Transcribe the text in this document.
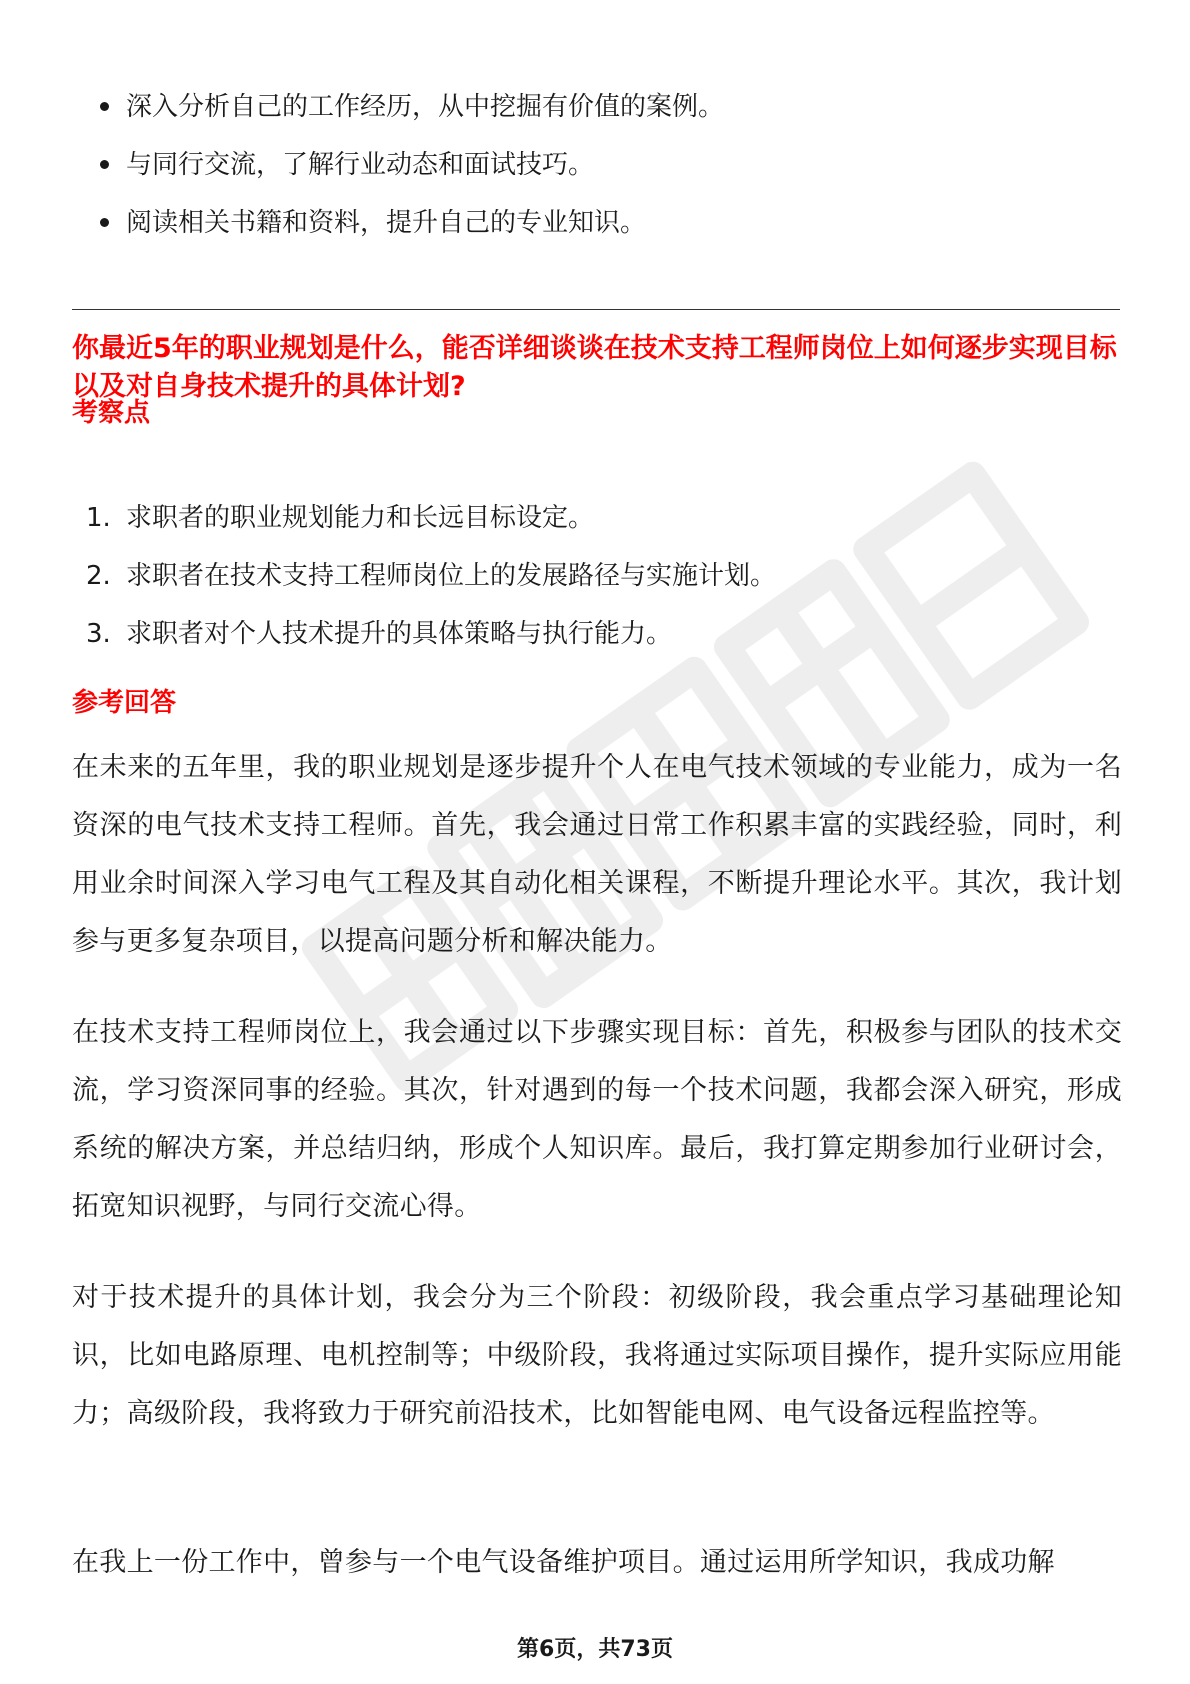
深入分析自己的工作经历，从中挖掘有价值的案例。
与同行交流，了解行业动态和面试技巧。
阅读相关书籍和资料，提升自己的专业知识。

你最近5年的职业规划是什么，能否详细谈谈在技术支持工程师岗位上如何逐步实现目标以及对自身技术提升的具体计划?

考察点

1. 求职者的职业规划能力和长远目标设定。
2. 求职者在技术支持工程师岗位上的发展路径与实施计划。
3. 求职者对个人技术提升的具体策略与执行能力。

参考回答

在未来的五年里，我的职业规划是逐步提升个人在电气技术领域的专业能力，成为一名资深的电气技术支持工程师。首先，我会通过日常工作积累丰富的实践经验，同时，利用业余时间深入学习电气工程及其自动化相关课程，不断提升理论水平。其次，我计划参与更多复杂项目，以提高问题分析和解决能力。

在技术支持工程师岗位上，我会通过以下步骤实现目标：首先，积极参与团队的技术交流，学习资深同事的经验。其次，针对遇到的每一个技术问题，我都会深入研究，形成系统的解决方案，并总结归纳，形成个人知识库。最后，我打算定期参加行业研讨会，拓宽知识视野，与同行交流心得。

对于技术提升的具体计划，我会分为三个阶段：初级阶段，我会重点学习基础理论知识，比如电路原理、电机控制等；中级阶段，我将通过实际项目操作，提升实际应用能力；高级阶段，我将致力于研究前沿技术，比如智能电网、电气设备远程监控等。

在我上一份工作中，曾参与一个电气设备维护项目。通过运用所学知识，我成功解

第6页，共73页
